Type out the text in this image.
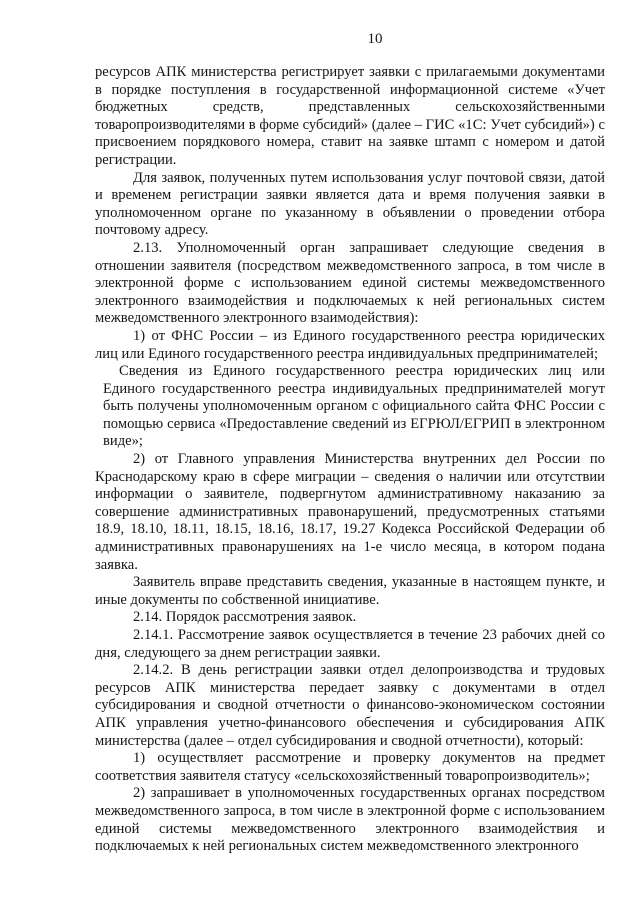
10

ресурсов АПК министерства регистрирует заявки с прилагаемыми документами в порядке поступления в государственной информационной системе «Учет бюджетных средств, представленных сельскохозяйственными товаропроизводителями в форме субсидий» (далее – ГИС «1С: Учет субсидий») с присвоением порядкового номера, ставит на заявке штамп с номером и датой регистрации.

Для заявок, полученных путем использования услуг почтовой связи, датой и временем регистрации заявки является дата и время получения заявки в уполномоченном органе по указанному в объявлении о проведении отбора почтовому адресу.

2.13. Уполномоченный орган запрашивает следующие сведения в отношении заявителя (посредством межведомственного запроса, в том числе в электронной форме с использованием единой системы межведомственного электронного взаимодействия и подключаемых к ней региональных систем межведомственного электронного взаимодействия):

1) от ФНС России – из Единого государственного реестра юридических лиц или Единого государственного реестра индивидуальных предпринимателей;

Сведения из Единого государственного реестра юридических лиц или Единого государственного реестра индивидуальных предпринимателей могут быть получены уполномоченным органом с официального сайта ФНС России с помощью сервиса «Предоставление сведений из ЕГРЮЛ/ЕГРИП в электронном виде»;

2) от Главного управления Министерства внутренних дел России по Краснодарскому краю в сфере миграции – сведения о наличии или отсутствии информации о заявителе, подвергнутом административному наказанию за совершение административных правонарушений, предусмотренных статьями 18.9, 18.10, 18.11, 18.15, 18.16, 18.17, 19.27 Кодекса Российской Федерации об административных правонарушениях на 1-е число месяца, в котором подана заявка.

Заявитель вправе представить сведения, указанные в настоящем пункте, и иные документы по собственной инициативе.

2.14. Порядок рассмотрения заявок.

2.14.1. Рассмотрение заявок осуществляется в течение 23 рабочих дней со дня, следующего за днем регистрации заявки.

2.14.2. В день регистрации заявки отдел делопроизводства и трудовых ресурсов АПК министерства передает заявку с документами в отдел субсидирования и сводной отчетности о финансово-экономическом состоянии АПК управления учетно-финансового обеспечения и субсидирования АПК министерства (далее – отдел субсидирования и сводной отчетности), который:

1) осуществляет рассмотрение и проверку документов на предмет соответствия заявителя статусу «сельскохозяйственный товаропроизводитель»;

2) запрашивает в уполномоченных государственных органах посредством межведомственного запроса, в том числе в электронной форме с использованием единой системы межведомственного электронного взаимодействия и подключаемых к ней региональных систем межведомственного электронного
